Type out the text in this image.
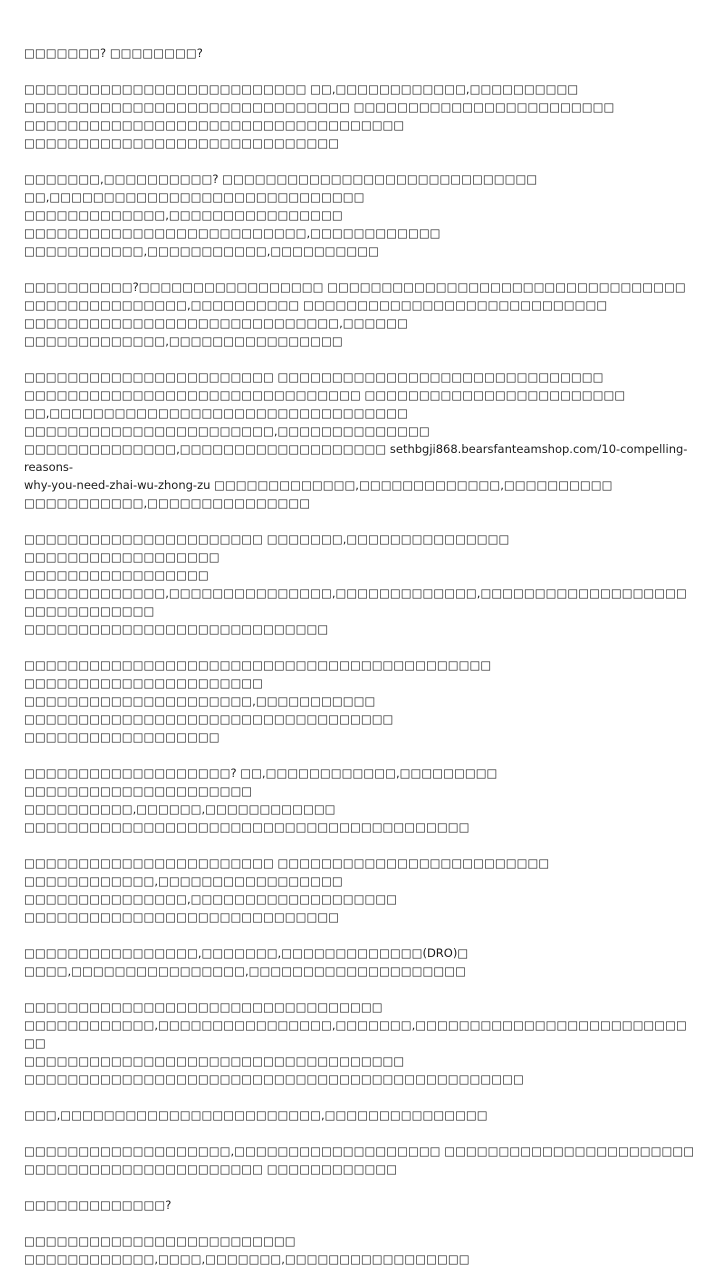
□□□□□□□? □□□□□□□□?

□□□□□□□□□□□□□□□□□□□□□□□□□□ □□,□□□□□□□□□□□□,□□□□□□□□□□
□□□□□□□□□□□□□□□□□□□□□□□□□□□□□□ □□□□□□□□□□□□□□□□□□□□□□□□
□□□□□□□□□□□□□□□□□□□□□□□□□□□□□□□□□□□ □□□□□□□□□□□□□□□□□□□□□□□□□□□□□

□□□□□□□,□□□□□□□□□□? □□□□□□□□□□□□□□□□□□□□□□□□□□□□□ □□,□□□□□□□□□□□□□□□□□□□□□□□□□□□□□
□□□□□□□□□□□□□,□□□□□□□□□□□□□□□□ □□□□□□□□□□□□□□□□□□□□□□□□□□,□□□□□□□□□□□□
□□□□□□□□□□□,□□□□□□□□□□□,□□□□□□□□□□

□□□□□□□□□□?□□□□□□□□□□□□□□□□□ □□□□□□□□□□□□□□□□□□□□□□□□□□□□□□□□□
□□□□□□□□□□□□□□□,□□□□□□□□□□ □□□□□□□□□□□□□□□□□□□□□□□□□□□□
□□□□□□□□□□□□□□□□□□□□□□□□□□□□□,□□□□□□ □□□□□□□□□□□□□,□□□□□□□□□□□□□□□□

□□□□□□□□□□□□□□□□□□□□□□□ □□□□□□□□□□□□□□□□□□□□□□□□□□□□□□
□□□□□□□□□□□□□□□□□□□□□□□□□□□□□□□ □□□□□□□□□□□□□□□□□□□□□□□□
□□,□□□□□□□□□□□□□□□□□□□□□□□□□□□□□□□□□ □□□□□□□□□□□□□□□□□□□□□□□,□□□□□□□□□□□□□□
□□□□□□□□□□□□□□,□□□□□□□□□□□□□□□□□□□ sethbgji868.bearsfanteamshop.com/10-compelling-reasons-
why-you-need-zhai-wu-zhong-zu □□□□□□□□□□□□□,□□□□□□□□□□□□□,□□□□□□□□□□
□□□□□□□□□□□,□□□□□□□□□□□□□□□

□□□□□□□□□□□□□□□□□□□□□□ □□□□□□□,□□□□□□□□□□□□□□□ □□□□□□□□□□□□□□□□□□
□□□□□□□□□□□□□□□□□
□□□□□□□□□□□□□,□□□□□□□□□□□□□□□,□□□□□□□□□□□□□,□□□□□□□□□□□□□□□□□□□□□□□□□□□□□□□
□□□□□□□□□□□□□□□□□□□□□□□□□□□□

□□□□□□□□□□□□□□□□□□□□□□□□□□□□□□□□□□□□□□□□□□□ □□□□□□□□□□□□□□□□□□□□□□
□□□□□□□□□□□□□□□□□□□□□,□□□□□□□□□□□ □□□□□□□□□□□□□□□□□□□□□□□□□□□□□□□□□□
□□□□□□□□□□□□□□□□□□

□□□□□□□□□□□□□□□□□□□? □□,□□□□□□□□□□□□,□□□□□□□□□ □□□□□□□□□□□□□□□□□□□□□
□□□□□□□□□□,□□□□□□,□□□□□□□□□□□□ □□□□□□□□□□□□□□□□□□□□□□□□□□□□□□□□□□□□□□□□□

□□□□□□□□□□□□□□□□□□□□□□□ □□□□□□□□□□□□□□□□□□□□□□□□□ □□□□□□□□□□□□,□□□□□□□□□□□□□□□□□
□□□□□□□□□□□□□□□,□□□□□□□□□□□□□□□□□□□ □□□□□□□□□□□□□□□□□□□□□□□□□□□□□

□□□□□□□□□□□□□□□□,□□□□□□□,□□□□□□□□□□□□□(DRO)□ □□□□,□□□□□□□□□□□□□□□□,□□□□□□□□□□□□□□□□□□□□

□□□□□□□□□□□□□□□□□□□□□□□□□□□□□□□□□
□□□□□□□□□□□□,□□□□□□□□□□□□□□□□,□□□□□□□,□□□□□□□□□□□□□□□□□□□□□□□□□□□
□□□□□□□□□□□□□□□□□□□□□□□□□□□□□□□□□□□ □□□□□□□□□□□□□□□□□□□□□□□□□□□□□□□□□□□□□□□□□□□□□□

□□□,□□□□□□□□□□□□□□□□□□□□□□□□,□□□□□□□□□□□□□□□

□□□□□□□□□□□□□□□□□□□,□□□□□□□□□□□□□□□□□□□ □□□□□□□□□□□□□□□□□□□□□□□
□□□□□□□□□□□□□□□□□□□□□□ □□□□□□□□□□□□

□□□□□□□□□□□□□?

□□□□□□□□□□□□□□□□□□□□□□□□□ □□□□□□□□□□□□,□□□□,□□□□□□□,□□□□□□□□□□□□□□□□□
